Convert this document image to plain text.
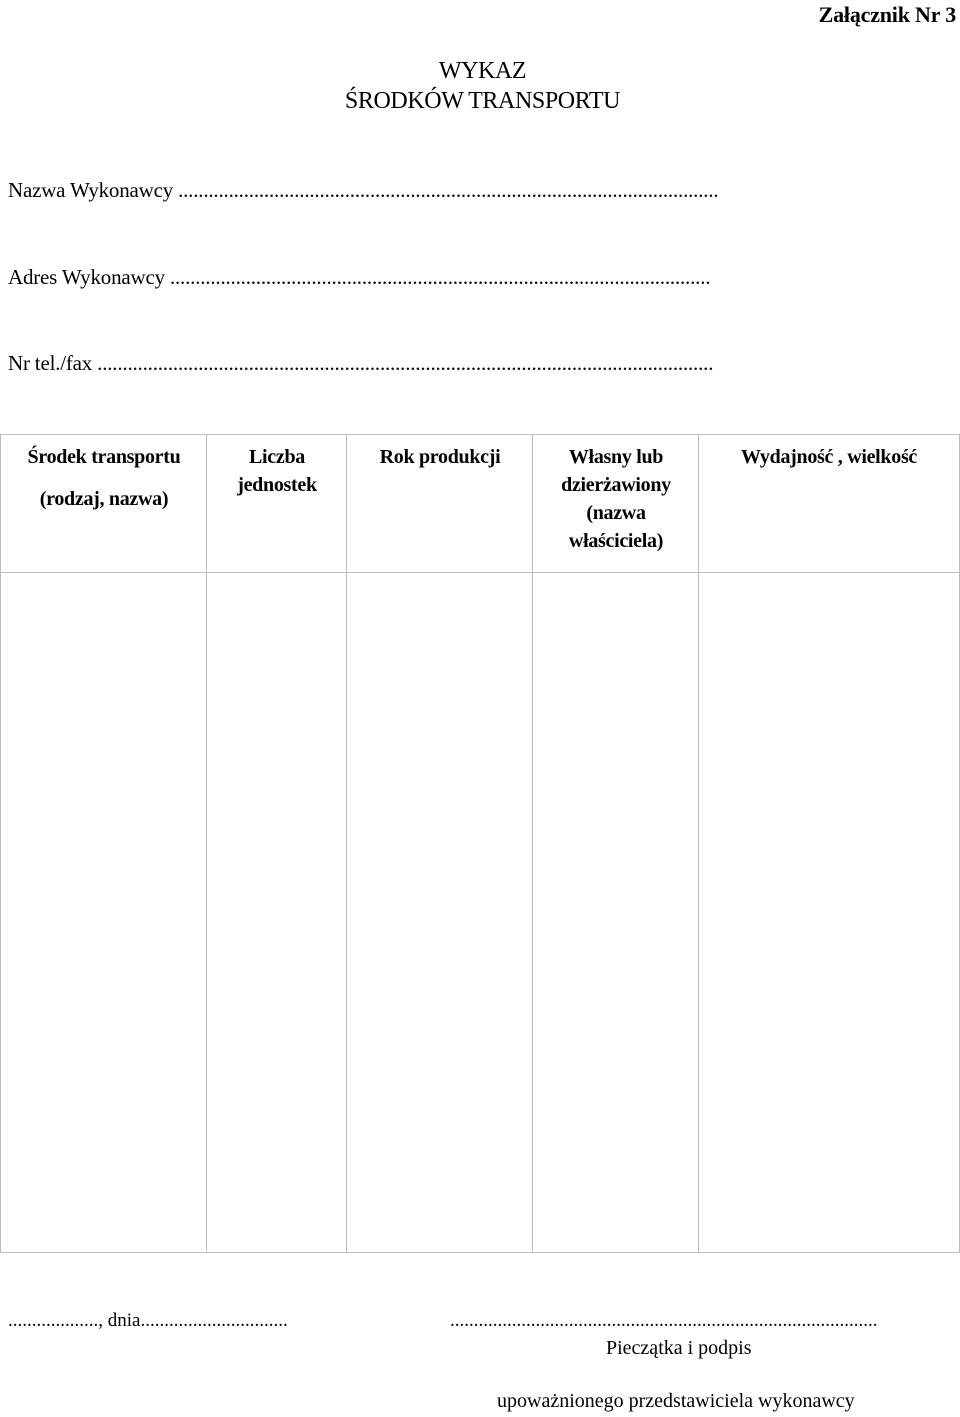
Załącznik Nr 3
WYKAZ
ŚRODKÓW TRANSPORTU
Nazwa Wykonawcy ...........................................................................................................
Adres Wykonawcy ...........................................................................................................
Nr tel./fax ..........................................................................................................................
Środek transportu
(rodzaj, nazwa)
Liczba
jednostek
Rok produkcji	Własny lub
dzierżawiony
(nazwa
właściciela)
Wydajność , wielkość
..................., dnia...............................	..........................................................................................
Pieczątka i podpis
upoważnionego przedstawiciela wykonawcy
